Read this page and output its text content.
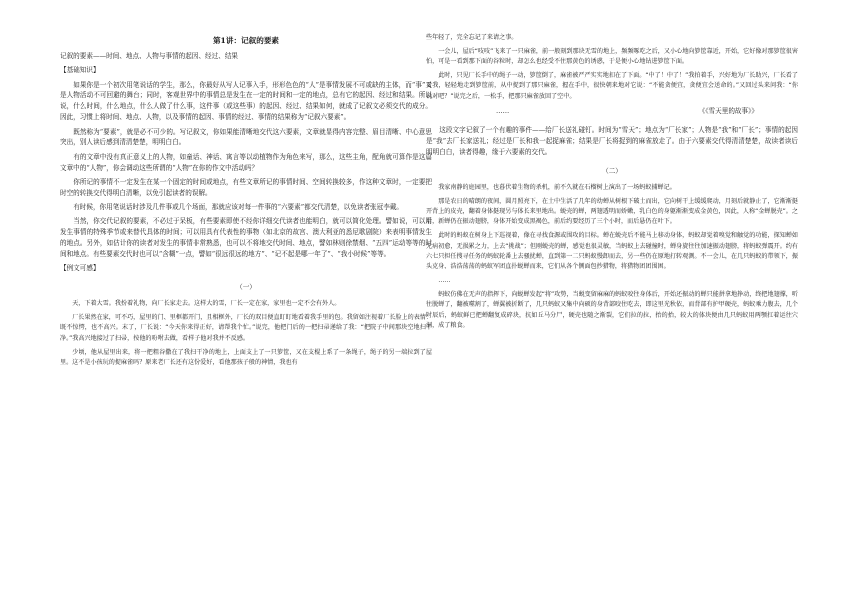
第1讲：记叙的要素

记叙的要素——时间、地点、人物与事情的起因、经过、结果

【基础知识】

如果你是一个初次用笔说话的学生，那么，你最好从写人记事入手，形形色色的“人”是事情发展不可或缺的主体，而“事”又是人物活动不可回避的舞台；同时，客观世界中的事情总是发生在一定的时间和一定的地点，总有它的起因、经过和结果。所以说，什么时间，什么地点，什么人做了什么事，这件事（或这些事）的起因、经过、结果如何，就成了记叙文必须交代的成分。因此，习惯上将时间、地点、人物，以及事情的起因、事情的经过、事情的结果称为“记叙六要素”。

既然称为“要素”，就是必不可少的。写记叙文，你如果能清晰地交代这六要素，文章就显得内容完整、眉目清晰、中心意思突出，别人读后感到清清楚楚，明明白白。

有的文章中没有真正意义上的人物，如童话、神话、寓言等以动植物作为角色来写，那么，这些主角，配角就可算作是这篇文章中的“人物”，你会调动这些所谓的“人物”在你的作文中活动吗？

你所记的事情不一定发生在某一个固定的时间或地点，有些文章所记的事情时间、空间转换较多，作这种文章时，一定要把时空的转换交代得明白清晰，以免引起读者的误解。

有时候，你用笔说话时涉及几件事或几个场面，那就应该对每一件事的“六要素”都交代清楚，以免读者张冠李戴。

当然，你交代记叙的要素，不必过于呆板，有些要素即使不经你详细交代读者也能明白，就可以简化处理。譬如说，可以用发生事情的特殊季节或来替代具体的时间；可以用具有代表性的事物（如北京的故宫、澳大利亚的悉尼歌剧院）来表明事情发生的地点。另外，如估计你的读者对发生的事情非常熟悉，也可以不将地交代时间、地点，譬如林则徐禁烟、“五四”运动等等的时间和地点。有些要素交代时也可以“含糊”一点，譬如“很远很远的地方”、“记不起是哪一年了”、“我小时候”等等。

【例文可感】

（一）

天，下着大雪。我扮着礼物，向厂长家走去。这样大的雪，厂长一定在家，家里也一定不会有外人。

厂长果然在家，可不巧，屋里的门、里框都开门，且相框外，厂长的双目便直盯盯地看着我手里的包。我留如注视着厂长脸上的表情：既不惊愕，也不高兴。末了，厂长说：“今天你来得正好，请帮我个忙。”说完，他把门后的一把扫帚递给了我：“把院子中间那块空地扫干净。”我高兴地接过了扫帚，按他的吩咐去做，看样子他对我并不反感。

少顷，他从屋里出来，将一把粗谷撒在了我扫干净的地上，上面支上了一只箩筐，又在支棍上系了一条绳子，绳子的另一端拉到了屋里。这不是小孩玩的捉麻雀吗？原来老厂长还有这份爱好，看他那孩子般的神情，我也有

些年轻了，完全忘记了来请之事。

一会儿，屋后“吱吱”飞来了一只麻雀，前一般刻到那块无雪的地上，频频啄吃之后，又小心地向箩筐靠近，开始，它好像对那箩筐很害怕，可是一看到那下面的谷粒时，却怎么也经受不住那黄色的诱惑，于是便小心地钻进箩筐下面。

此时，只见厂长手中的绳子一动，箩筐倒了，麻雀被严严实实地扣在了下面。“中了！中了！”我拍着手，兴好地为厂长助兴，厂长看了看我，轻轻地走到箩筐前，从中捉到了那只麻雀，握在手中，很快朝来地对它说：“不能贪便宜，贪便宜会送命的。”又回过头来问我：“你说对吧？”说完之后，一松手，把那只麻雀放回了空中。

……	《《雪天里的故事》》

这段文字记叙了一个有趣的事件——给厂长送礼碰钉。时间为“雪天”；地点为“厂长家”；人物是“我”和“厂长”；事情的起因是“我”去厂长家送礼；经过是厂长和我一起捉麻雀；结果是厂长将捉到的麻雀放走了。由于六要素交代得清清楚楚，故读者读后明明白白，读者得趣，缘于六要素的交代。

（二）

我家南静的庭园里，也暮伏着生物的杀机，前不久就在石榴树上演出了一场蚂蚁捕蝉记。

那是农日的晴朗的夜间，圆月照亮下，在土中生活了几年的幼蝉从树根下破土而出，它向树干上缓缓爬动，月刻后就静止了，它渐渐挺开背上的皮壳，翻着身体挺现另与体长来里地出。蜕壳的蝉，两翅透明而娇嫩，乳白色的身躯渐渐变成金黄色，因此，人称“金蝉脱壳”。之后，新蝉仍在振动翅膀，身体开始变成黑褐色，前后约要经历了三个小时，而后悬仍在叶下。

此时的蚂蚁在树身上下巡视着，像在寻找食源或围攻的目标。蝉在蜕壳后不能马上移动身体，蚂蚁却觉着嗅觉和触觉的功能，探知蝉如无病初愈，无损累之力，上去“挑战”；但刚蜕壳的蝉，感觉也很灵敏，当蚂蚁上去碰撞时，蝉身旋往往加速振动翅膀，将蚂蚁弹震开。约有六七只担任搜寻任务的蚂蚁轮番上去骚扰蝉，直到第一二只蚂蚁慢卸而去，另一些仍在原地打转观测。不一会儿，在几只蚂蚁的带领下，振头克身、浩浩荡荡的蚂蚁军团直扑蜕蝉而来，它们从各个侧面包抄猎物，将猎物团团围困。

……

蚂蚁仿佛在无声的指挥下，向蜕蝉发起“将”攻势，当蜕变留麻麻的蚂蚁咬往身体后，开始还振动的蝉只能拼拿地挣动，终把地翅撑，听往脱蝉了，翻被噬割了，蝉翼被折断了，几只蚂蚁又集中向硕的身背部咬住吃去，即这里光秋依，而背部有护甲硬壳，蚂蚁乘力腹去，几个时辰后，蚂蚁鲜已把蝉翻复成碎块，抗如丘马分尸，硬壳也随之渐裂，它们拉的拉，抬的抬，较大的体块便由几只蚂蚁用两颚扛着运往穴洞，成了粮食。
